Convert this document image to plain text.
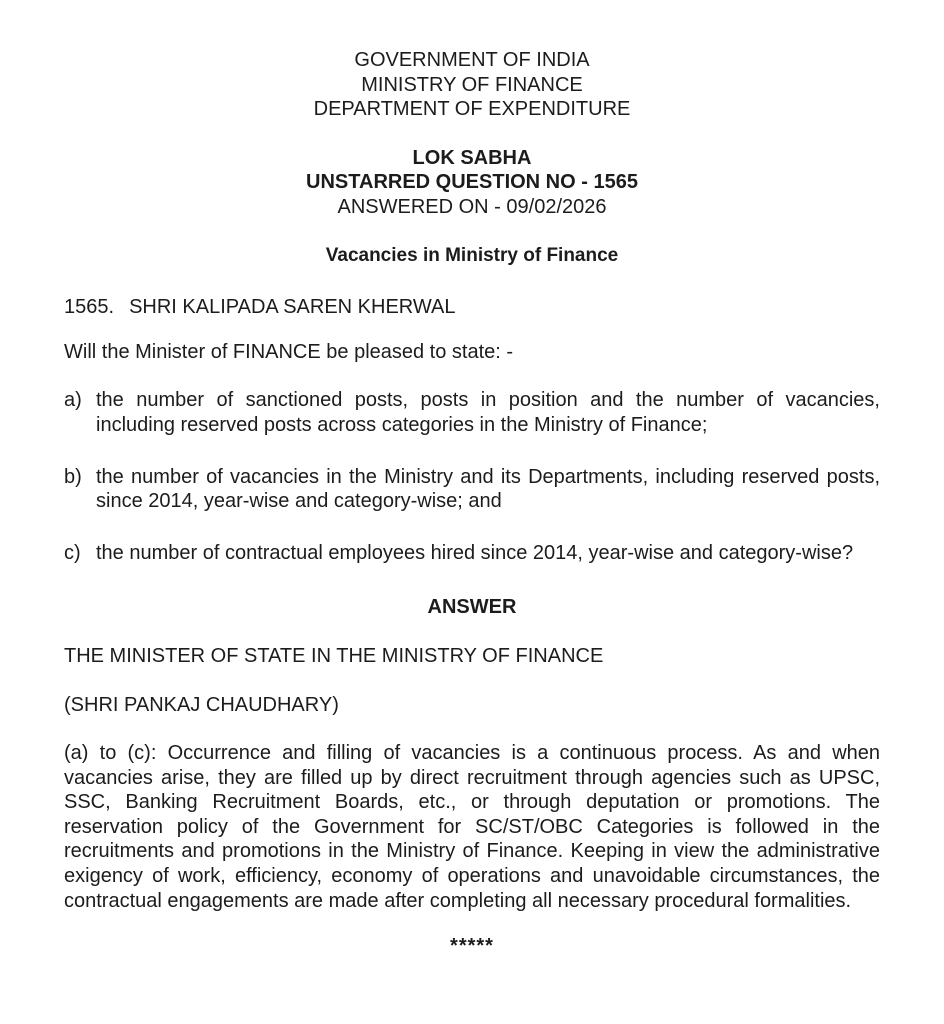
GOVERNMENT OF INDIA
MINISTRY OF FINANCE
DEPARTMENT OF EXPENDITURE
LOK SABHA
UNSTARRED QUESTION NO - 1565
ANSWERED ON - 09/02/2026
Vacancies in Ministry of Finance
1565. SHRI KALIPADA SAREN KHERWAL
Will the Minister of FINANCE be pleased to state: -
a) the number of sanctioned posts, posts in position and the number of vacancies, including reserved posts across categories in the Ministry of Finance;
b) the number of vacancies in the Ministry and its Departments, including reserved posts, since 2014, year-wise and category-wise; and
c) the number of contractual employees hired since 2014, year-wise and category-wise?
ANSWER
THE MINISTER OF STATE IN THE MINISTRY OF FINANCE
(SHRI PANKAJ CHAUDHARY)
(a) to (c): Occurrence and filling of vacancies is a continuous process. As and when vacancies arise, they are filled up by direct recruitment through agencies such as UPSC, SSC, Banking Recruitment Boards, etc., or through deputation or promotions. The reservation policy of the Government for SC/ST/OBC Categories is followed in the recruitments and promotions in the Ministry of Finance. Keeping in view the administrative exigency of work, efficiency, economy of operations and unavoidable circumstances, the contractual engagements are made after completing all necessary procedural formalities.
*****
